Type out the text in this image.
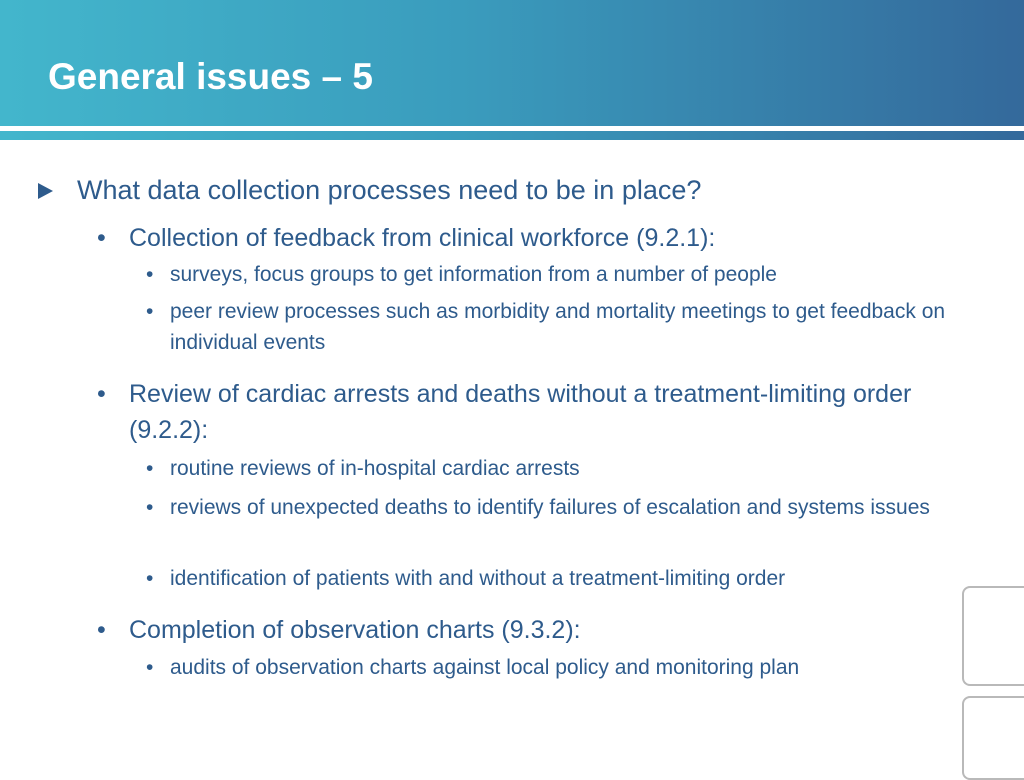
General issues – 5
What data collection processes need to be in place?
• Collection of feedback from clinical workforce (9.2.1):
• surveys, focus groups to get information from a number of people
• peer review processes such as morbidity and mortality meetings to get feedback on individual events
• Review of cardiac arrests and deaths without a treatment-limiting order (9.2.2):
• routine reviews of in-hospital cardiac arrests
• reviews of unexpected deaths to identify failures of escalation and systems issues
• identification of patients with and without a treatment-limiting order
• Completion of observation charts (9.3.2):
• audits of observation charts against local policy and monitoring plan
